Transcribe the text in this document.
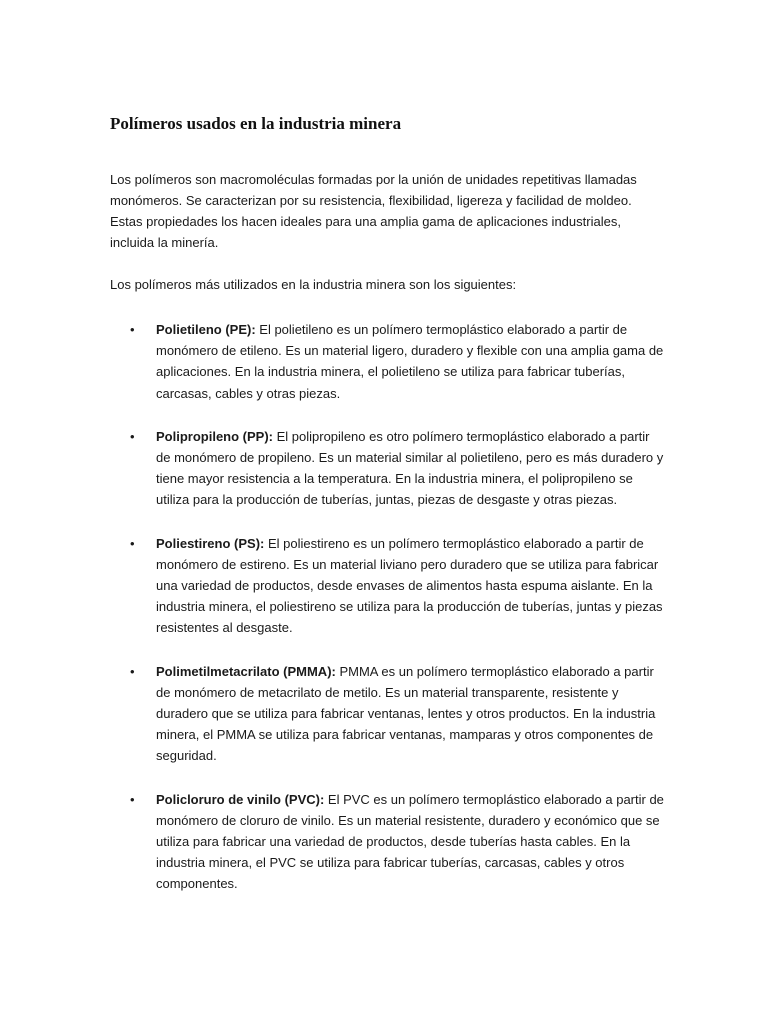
Polímeros usados en la industria minera

Los polímeros son macromoléculas formadas por la unión de unidades repetitivas llamadas monómeros. Se caracterizan por su resistencia, flexibilidad, ligereza y facilidad de moldeo. Estas propiedades los hacen ideales para una amplia gama de aplicaciones industriales, incluida la minería.

Los polímeros más utilizados en la industria minera son los siguientes:

• Polietileno (PE): El polietileno es un polímero termoplástico elaborado a partir de monómero de etileno. Es un material ligero, duradero y flexible con una amplia gama de aplicaciones. En la industria minera, el polietileno se utiliza para fabricar tuberías, carcasas, cables y otras piezas.
• Polipropileno (PP): El polipropileno es otro polímero termoplástico elaborado a partir de monómero de propileno. Es un material similar al polietileno, pero es más duradero y tiene mayor resistencia a la temperatura. En la industria minera, el polipropileno se utiliza para la producción de tuberías, juntas, piezas de desgaste y otras piezas.
• Poliestireno (PS): El poliestireno es un polímero termoplástico elaborado a partir de monómero de estireno. Es un material liviano pero duradero que se utiliza para fabricar una variedad de productos, desde envases de alimentos hasta espuma aislante. En la industria minera, el poliestireno se utiliza para la producción de tuberías, juntas y piezas resistentes al desgaste.
• Polimetilmetacrilato (PMMA): PMMA es un polímero termoplástico elaborado a partir de monómero de metacrilato de metilo. Es un material transparente, resistente y duradero que se utiliza para fabricar ventanas, lentes y otros productos. En la industria minera, el PMMA se utiliza para fabricar ventanas, mamparas y otros componentes de seguridad.
• Policloruro de vinilo (PVC): El PVC es un polímero termoplástico elaborado a partir de monómero de cloruro de vinilo. Es un material resistente, duradero y económico que se utiliza para fabricar una variedad de productos, desde tuberías hasta cables. En la industria minera, el PVC se utiliza para fabricar tuberías, carcasas, cables y otros componentes.
